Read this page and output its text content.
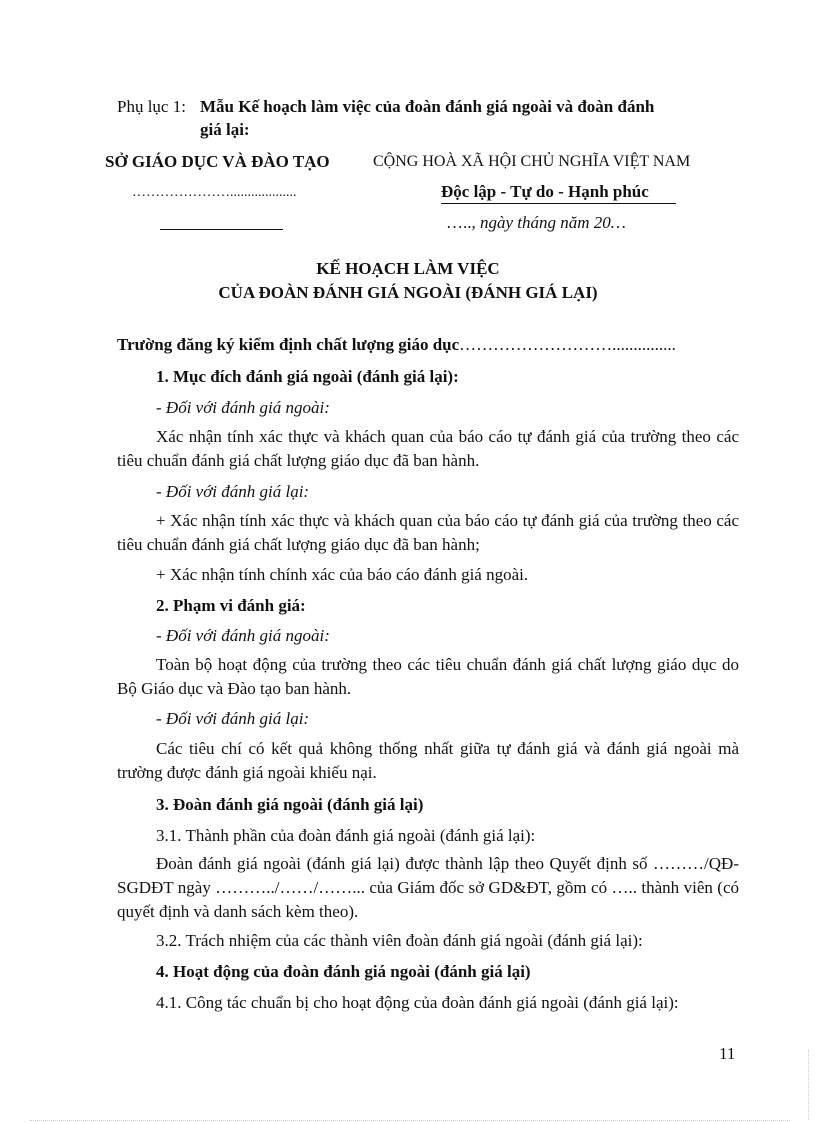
Phụ lục 1: Mẫu Kế hoạch làm việc của đoàn đánh giá ngoài và đoàn đánh
giá lại:
SỞ GIÁO DỤC VÀ ĐÀO TẠO	CỘNG HOÀ XÃ HỘI CHỦ NGHĨA VIỆT NAM
…………………...................	Độc lập - Tự do - Hạnh phúc
….., ngày tháng năm 20…
KẾ HOẠCH LÀM VIỆC
CỦA ĐOÀN ĐÁNH GIÁ NGOÀI (ĐÁNH GIÁ LẠI)
Trường đăng ký kiểm định chất lượng giáo dục………………………...............
1. Mục đích đánh giá ngoài (đánh giá lại):
- Đối với đánh giá ngoài:
Xác nhận tính xác thực và khách quan của báo cáo tự đánh giá của trường theo các tiêu chuẩn đánh giá chất lượng giáo dục đã ban hành.
- Đối với đánh giá lại:
+ Xác nhận tính xác thực và khách quan của báo cáo tự đánh giá của trường theo các tiêu chuẩn đánh giá chất lượng giáo dục đã ban hành;
+ Xác nhận tính chính xác của báo cáo đánh giá ngoài.
2. Phạm vi đánh giá:
- Đối với đánh giá ngoài:
Toàn bộ hoạt động của trường theo các tiêu chuẩn đánh giá chất lượng giáo dục do Bộ Giáo dục và Đào tạo ban hành.
- Đối với đánh giá lại:
Các tiêu chí có kết quả không thống nhất giữa tự đánh giá và đánh giá ngoài mà trường được đánh giá ngoài khiếu nại.
3. Đoàn đánh giá ngoài (đánh giá lại)
3.1. Thành phần của đoàn đánh giá ngoài (đánh giá lại):
Đoàn đánh giá ngoài (đánh giá lại) được thành lập theo Quyết định số ………/QĐ-SGDĐT ngày ………../……/……... của Giám đốc sở GD&ĐT, gồm có ….. thành viên (có quyết định và danh sách kèm theo).
3.2. Trách nhiệm của các thành viên đoàn đánh giá ngoài (đánh giá lại):
4. Hoạt động của đoàn đánh giá ngoài (đánh giá lại)
4.1. Công tác chuẩn bị cho hoạt động của đoàn đánh giá ngoài (đánh giá lại):
11
